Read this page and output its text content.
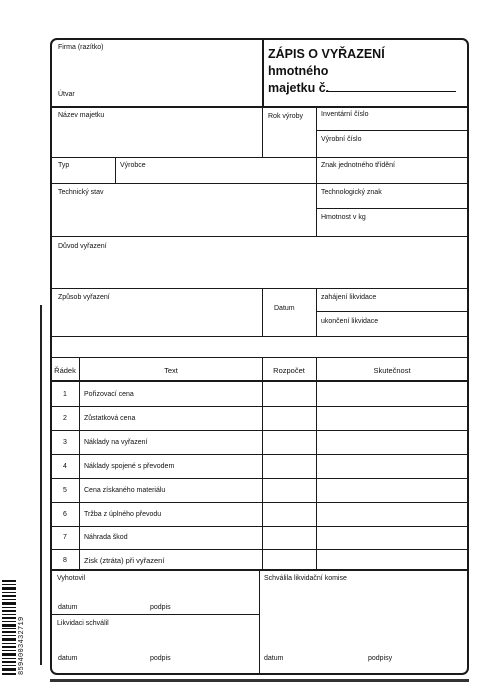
8594003432719
Firma (razítko)
Útvar
ZÁPIS O VYŘAZENÍ
hmotného
majetku č.
Název majetku	Rok výroby	Inventární číslo
Výrobní číslo
Typ	Výrobce	Znak jednotného třídění
Technický stav	Technologický znak
Hmotnost v kg
Důvod vyřazení
Způsob vyřazení
Datum
zahájení likvidace
ukončení likvidace
Řádek	Text	Rozpočet	Skutečnost
1	Pořizovací cena
2	Zůstatková cena
3	Náklady na vyřazení
4	Náklady spojené s převodem
5	Cena získaného materiálu
6	Tržba z úplného převodu
7	Náhrada škod
8	Zisk (ztráta) při vyřazení
Vyhotovil
datum	podpis
Likvidaci schválil
datum	podpis
Schválila likvidační komise
datum	podpisy
